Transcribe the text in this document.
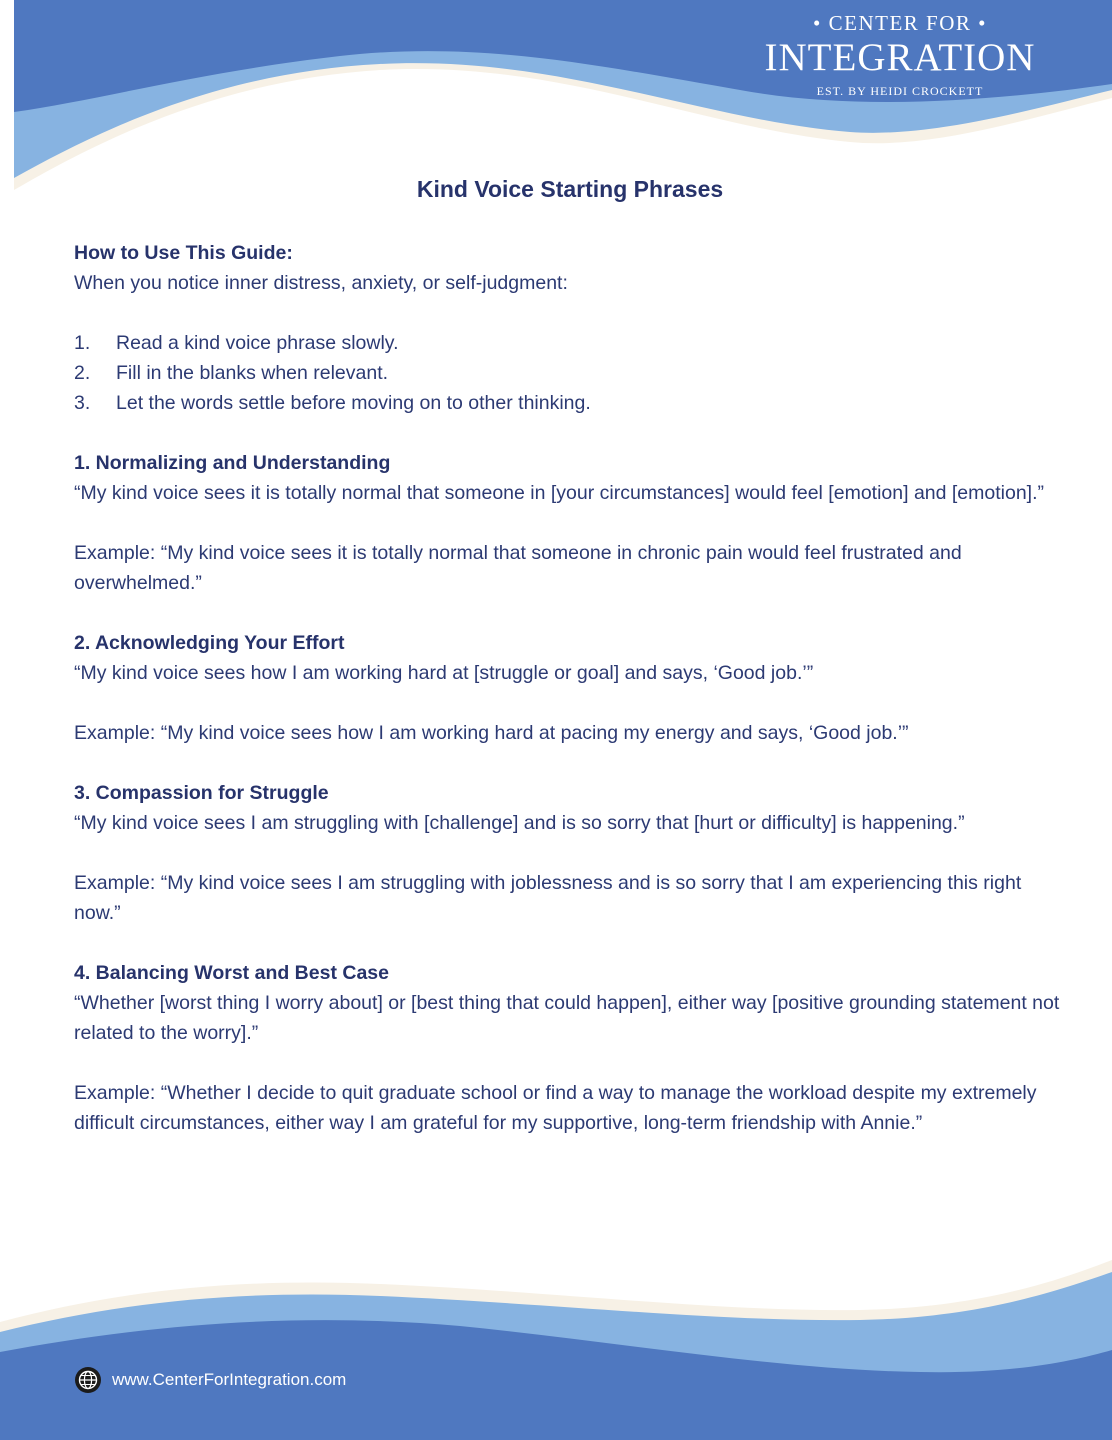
• CENTER FOR •
INTEGRATION
EST. BY HEIDI CROCKETT
Kind Voice Starting Phrases

How to Use This Guide:

When you notice inner distress, anxiety, or self-judgment:

1.	Read a kind voice phrase slowly.
2.	Fill in the blanks when relevant.
3.	Let the words settle before moving on to other thinking.

1. Normalizing and Understanding

“My kind voice sees it is totally normal that someone in [your circumstances] would feel [emotion] and [emotion].”

Example: “My kind voice sees it is totally normal that someone in chronic pain would feel frustrated and overwhelmed.”

2. Acknowledging Your Effort

“My kind voice sees how I am working hard at [struggle or goal] and says, ‘Good job.’”

Example: “My kind voice sees how I am working hard at pacing my energy and says, ‘Good job.’”

3. Compassion for Struggle

“My kind voice sees I am struggling with [challenge] and is so sorry that [hurt or difficulty] is happening.”

Example: “My kind voice sees I am struggling with joblessness and is so sorry that I am experiencing this right now.”

4. Balancing Worst and Best Case

“Whether [worst thing I worry about] or [best thing that could happen], either way [positive grounding statement not related to the worry].”

Example: “Whether I decide to quit graduate school or find a way to manage the workload despite my extremely difficult circumstances, either way I am grateful for my supportive, long-term friendship with Annie.”

www.CenterForIntegration.com
